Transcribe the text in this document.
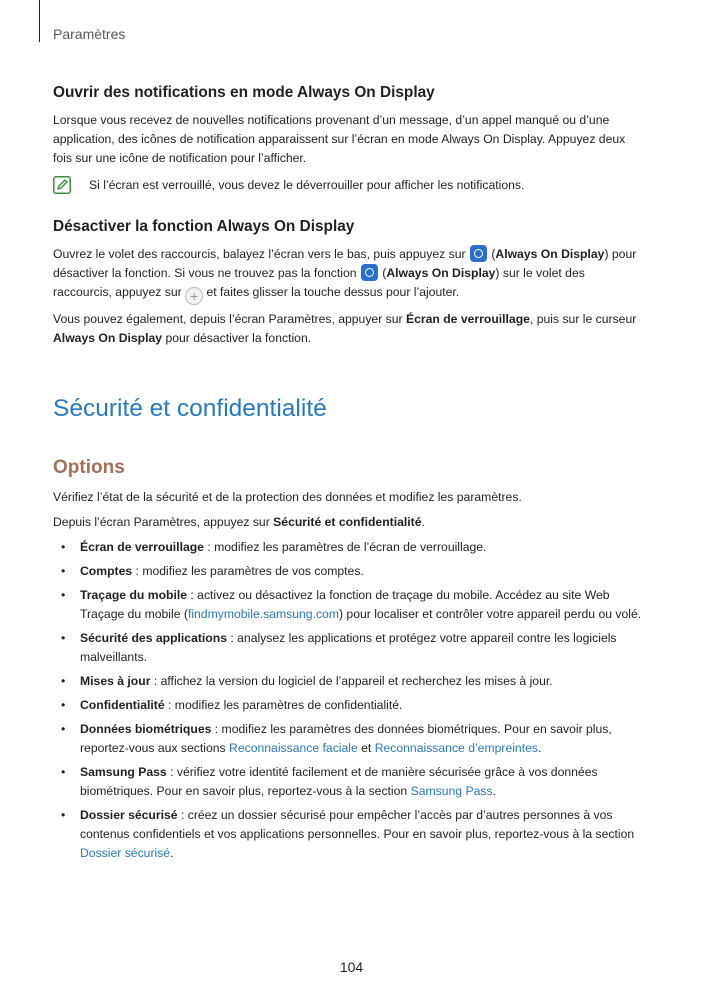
Paramètres
Ouvrir des notifications en mode Always On Display

Lorsque vous recevez de nouvelles notifications provenant d’un message, d’un appel manqué ou d’une application, des icônes de notification apparaissent sur l’écran en mode Always On Display. Appuyez deux fois sur une icône de notification pour l’afficher.

Si l’écran est verrouillé, vous devez le déverrouiller pour afficher les notifications.
Désactiver la fonction Always On Display

Ouvrez le volet des raccourcis, balayez l’écran vers le bas, puis appuyez sur  (Always On Display) pour désactiver la fonction. Si vous ne trouvez pas la fonction  (Always On Display) sur le volet des raccourcis, appuyez sur + et faites glisser la touche dessus pour l’ajouter.

Vous pouvez également, depuis l’écran Paramètres, appuyer sur Écran de verrouillage, puis sur le curseur Always On Display pour désactiver la fonction.

Sécurité et confidentialité
Options

Vérifiez l’état de la sécurité et de la protection des données et modifiez les paramètres.

Depuis l’écran Paramètres, appuyez sur Sécurité et confidentialité.

• Écran de verrouillage : modifiez les paramètres de l’écran de verrouillage.
• Comptes : modifiez les paramètres de vos comptes.
• Traçage du mobile : activez ou désactivez la fonction de traçage du mobile. Accédez au site Web Traçage du mobile (findmymobile.samsung.com) pour localiser et contrôler votre appareil perdu ou volé.
• Sécurité des applications : analysez les applications et protégez votre appareil contre les logiciels malveillants.
• Mises à jour : affichez la version du logiciel de l’appareil et recherchez les mises à jour.
• Confidentialité : modifiez les paramètres de confidentialité.
• Données biométriques : modifiez les paramètres des données biométriques. Pour en savoir plus, reportez-vous aux sections Reconnaissance faciale et Reconnaissance d’empreintes.
• Samsung Pass : vérifiez votre identité facilement et de manière sécurisée grâce à vos données biométriques. Pour en savoir plus, reportez-vous à la section Samsung Pass.
• Dossier sécurisé : créez un dossier sécurisé pour empêcher l’accès par d’autres personnes à vos contenus confidentiels et vos applications personnelles. Pour en savoir plus, reportez-vous à la section Dossier sécurisé.
104
